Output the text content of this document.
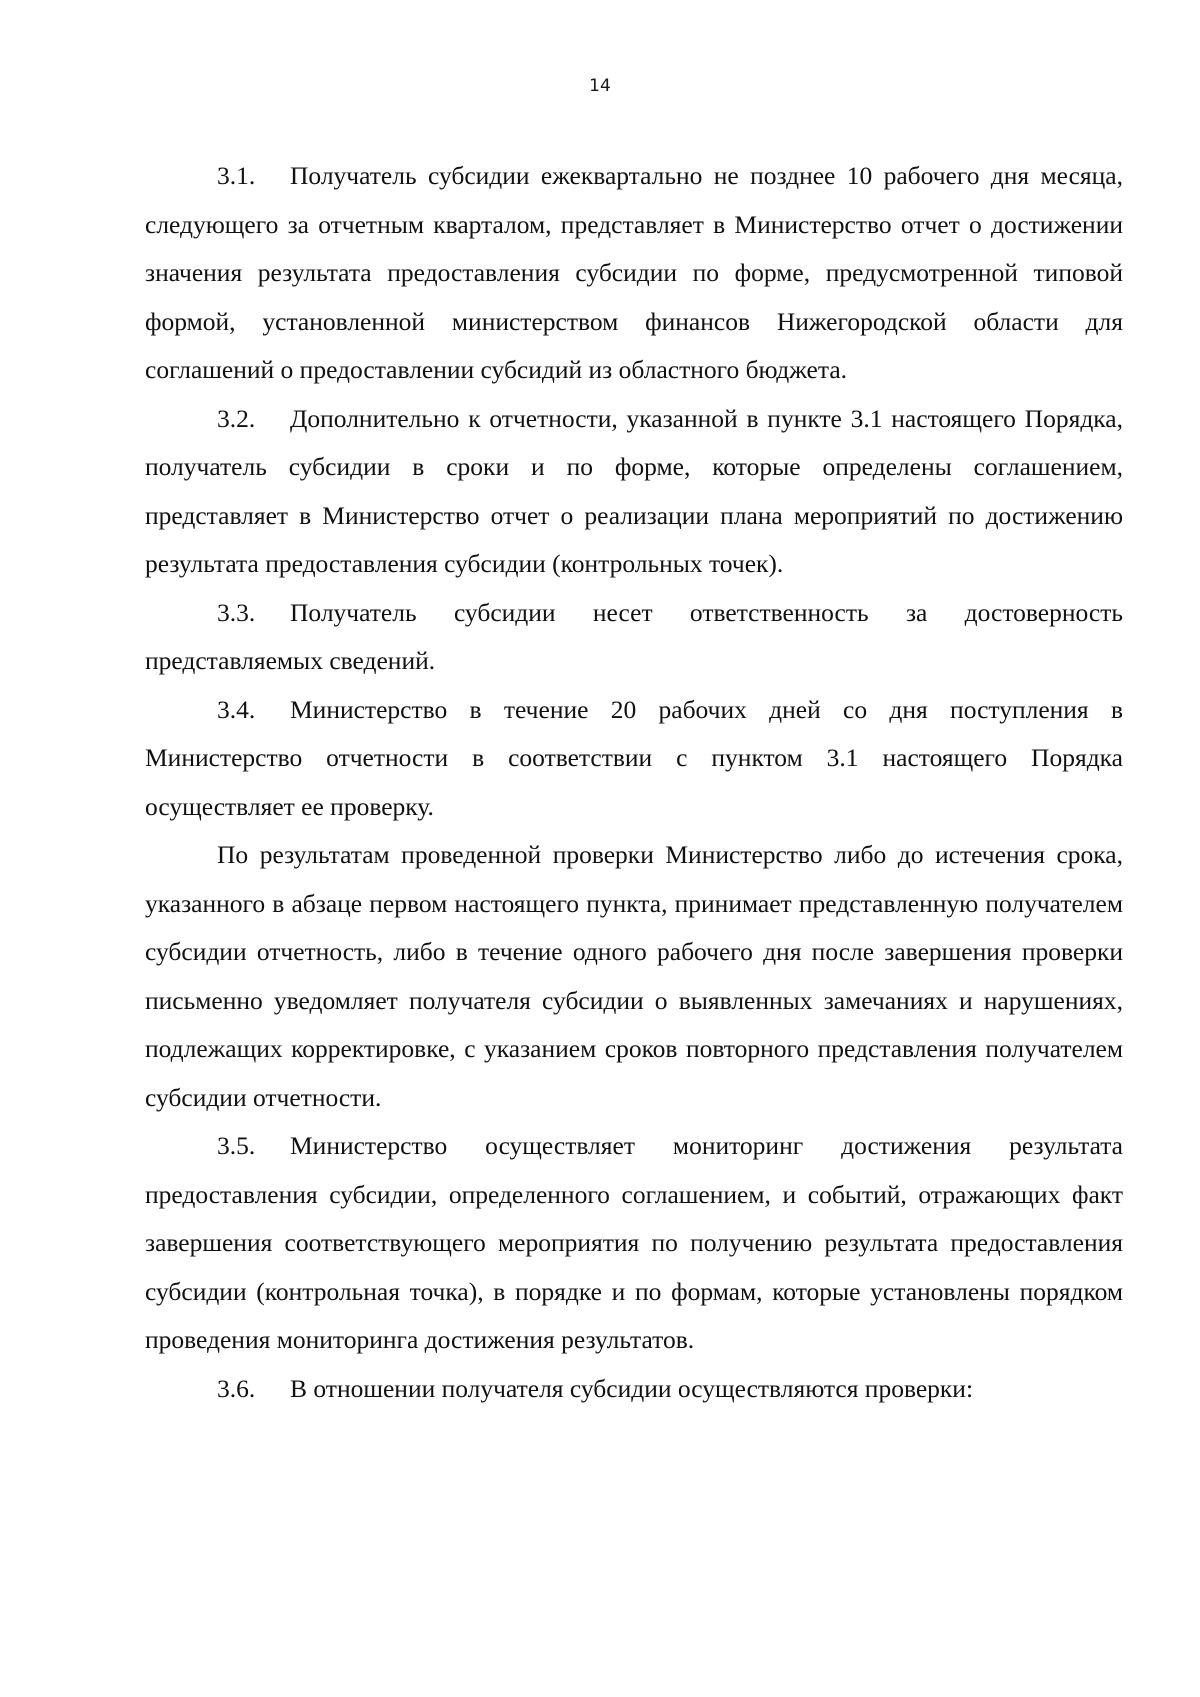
14

3.1. Получатель субсидии ежеквартально не позднее 10 рабочего дня месяца, следующего за отчетным кварталом, представляет в Министерство отчет о достижении значения результата предоставления субсидии по форме, предусмотренной типовой формой, установленной министерством финансов Нижегородской области для соглашений о предоставлении субсидий из областного бюджета.

3.2. Дополнительно к отчетности, указанной в пункте 3.1 настоящего Порядка, получатель субсидии в сроки и по форме, которые определены соглашением, представляет в Министерство отчет о реализации плана мероприятий по достижению результата предоставления субсидии (контрольных точек).

3.3. Получатель субсидии несет ответственность за достоверность представляемых сведений.

3.4. Министерство в течение 20 рабочих дней со дня поступления в Министерство отчетности в соответствии с пунктом 3.1 настоящего Порядка осуществляет ее проверку.

По результатам проведенной проверки Министерство либо до истечения срока, указанного в абзаце первом настоящего пункта, принимает представленную получателем субсидии отчетность, либо в течение одного рабочего дня после завершения проверки письменно уведомляет получателя субсидии о выявленных замечаниях и нарушениях, подлежащих корректировке, с указанием сроков повторного представления получателем субсидии отчетности.

3.5. Министерство осуществляет мониторинг достижения результата предоставления субсидии, определенного соглашением, и событий, отражающих факт завершения соответствующего мероприятия по получению результата предоставления субсидии (контрольная точка), в порядке и по формам, которые установлены порядком проведения мониторинга достижения результатов.

3.6. В отношении получателя субсидии осуществляются проверки:
